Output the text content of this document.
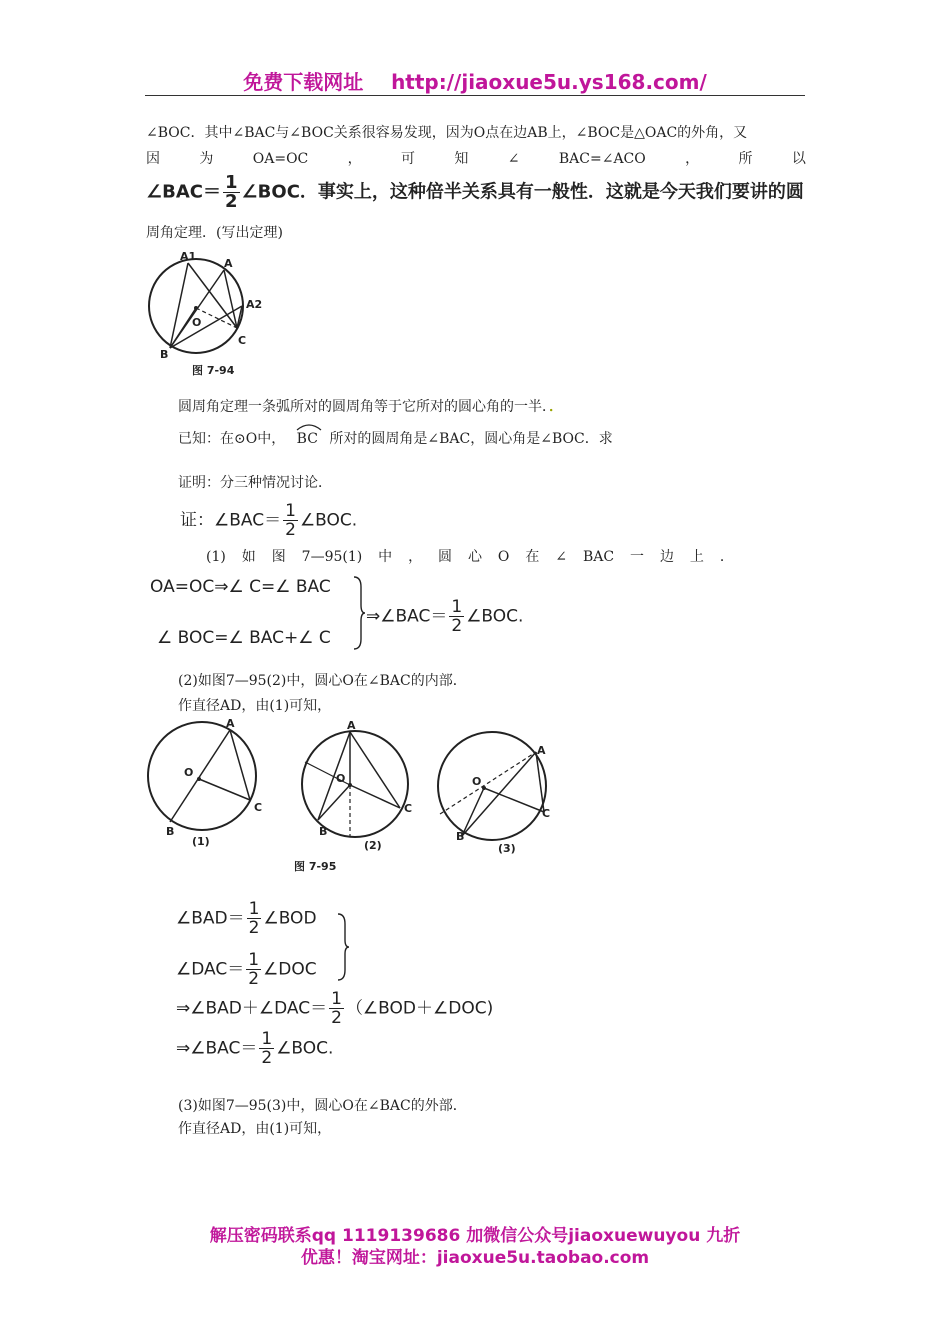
免费下载网址 http://jiaoxue5u.ys168.com/
∠BOC．其中∠BAC与∠BOC关系很容易发现，因为O点在边AB上，∠BOC是△OAC的外角，又
因	为	OA=OC	，	可	知	∠	BAC=∠ACO	，	所	以
∠BAC＝ $\frac{1}{2}$ ∠BOC．事实上，这种倍半关系具有一般性．这就是今天我们要讲的圆
周角定理．(写出定理)
A1
A
A2
O
B
C
图 7-94
圆周角定理一条弧所对的圆周角等于它所对的圆心角的一半．．
已知：在⊙O中， BC 所对的圆周角是∠BAC，圆心角是∠BOC．求
证明：分三种情况讨论．
证：∠BAC＝ $\frac{1}{2}$ ∠BOC.
(1) 如 图 7—95(1) 中 ， 圆 心 O 在 ∠ BAC 一 边 上 ．
OA=OC⇒∠ C=∠ BAC
∠ BOC=∠ BAC+∠ C
⇒∠BAC＝ $\frac{1}{2}$ ∠BOC.
(2)如图7—95(2)中，圆心O在∠BAC的内部．
作直径AD，由(1)可知，
A
O
B
C
(1)
A
O
B
C
(2)
A
O
B
C
(3)
图 7-95
∠BAD＝ $\frac{1}{2}$ ∠BOD
∠DAC＝ $\frac{1}{2}$ ∠DOC
⇒∠BAD＋∠DAC＝ $\frac{1}{2}$ （∠BOD＋∠DOC)
⇒∠BAC＝ $\frac{1}{2}$ ∠BOC.
(3)如图7—95(3)中，圆心O在∠BAC的外部．
作直径AD，由(1)可知，
解压密码联系qq 1119139686 加微信公众号jiaoxuewuyou 九折
优惠！淘宝网址：jiaoxue5u.taobao.com
